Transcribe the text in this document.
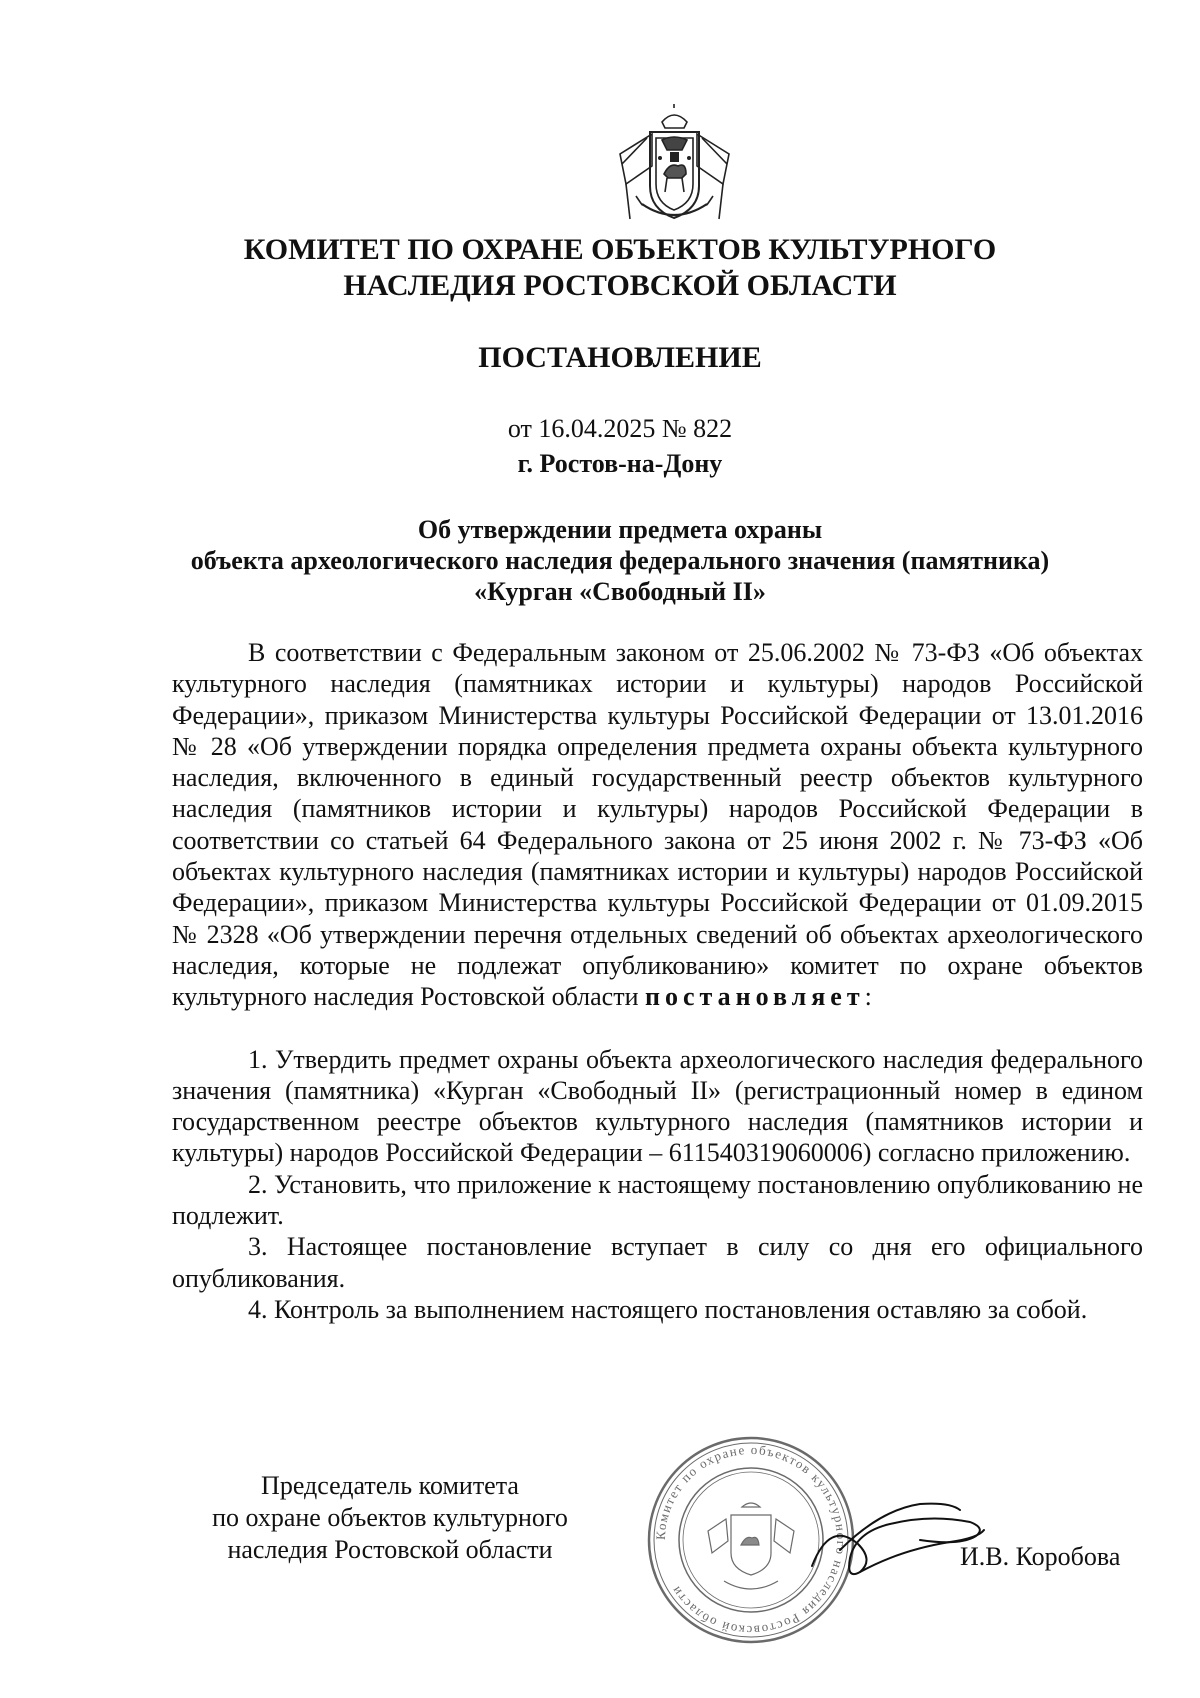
КОМИТЕТ ПО ОХРАНЕ ОБЪЕКТОВ КУЛЬТУРНОГО
НАСЛЕДИЯ РОСТОВСКОЙ ОБЛАСТИ
ПОСТАНОВЛЕНИЕ
от 16.04.2025 № 822
г. Ростов-на-Дону
Об утверждении предмета охраны
объекта археологического наследия федерального значения (памятника)
«Курган «Свободный II»

В соответствии с Федеральным законом от 25.06.2002 № 73-ФЗ «Об объектах культурного наследия (памятниках истории и культуры) народов Российской Федерации», приказом Министерства культуры Российской Федерации от 13.01.2016 № 28 «Об утверждении порядка определения предмета охраны объекта культурного наследия, включенного в единый государственный реестр объектов культурного наследия (памятников истории и культуры) народов Российской Федерации в соответствии со статьей 64 Федерального закона от 25 июня 2002 г. № 73-ФЗ «Об объектах культурного наследия (памятниках истории и культуры) народов Российской Федерации», приказом Министерства культуры Российской Федерации от 01.09.2015 № 2328 «Об утверждении перечня отдельных сведений об объектах археологического наследия, которые не подлежат опубликованию» комитет по охране объектов культурного наследия Ростовской области постановляет:

1. Утвердить предмет охраны объекта археологического наследия федерального значения (памятника) «Курган «Свободный II» (регистрационный номер в едином государственном реестре объектов культурного наследия (памятников истории и культуры) народов Российской Федерации – 611540319060006) согласно приложению.

2. Установить, что приложение к настоящему постановлению опубликованию не подлежит.

3. Настоящее постановление вступает в силу со дня его официального опубликования.

4. Контроль за выполнением настоящего постановления оставляю за собой.

Комитет по охране объектов культурного наследия Ростовской области
Председатель комитета
по охране объектов культурного
наследия Ростовской области	И.В. Коробова
